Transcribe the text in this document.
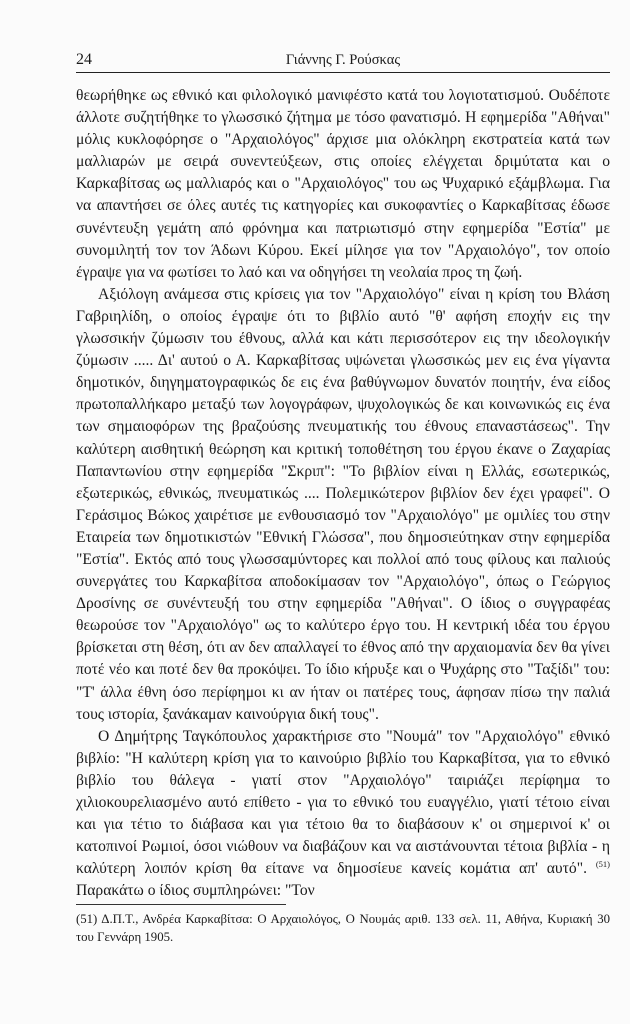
24	Γιάννης Γ. Ρούσκας

θεωρήθηκε ως εθνικό και φιλολογικό μανιφέστο κατά του λογιοτατισμού. Ουδέποτε άλλοτε συζητήθηκε το γλωσσικό ζήτημα με τόσο φανατισμό. Η εφημερίδα "Αθήναι" μόλις κυκλοφόρησε ο "Αρχαιολόγος" άρχισε μια ολόκληρη εκστρατεία κατά των μαλλιαρών με σειρά συνεντεύξεων, στις οποίες ελέγχεται δριμύτατα και ο Καρκαβίτσας ως μαλλιαρός και ο "Αρχαιολόγος" του ως Ψυχαρικό εξάμβλωμα. Για να απαντήσει σε όλες αυτές τις κατηγορίες και συκοφαντίες ο Καρκαβίτσας έδωσε συνέντευξη γεμάτη από φρόνημα και πατριωτισμό στην εφημερίδα "Εστία" με συνομιλητή τον τον Άδωνι Κύρου. Εκεί μίλησε για τον "Αρχαιολόγο", τον οποίο έγραψε για να φωτίσει το λαό και να οδηγήσει τη νεολαία προς τη ζωή.

Αξιόλογη ανάμεσα στις κρίσεις για τον "Αρχαιολόγο" είναι η κρίση του Βλάση Γαβριηλίδη, ο οποίος έγραψε ότι το βιβλίο αυτό "θ' αφήση εποχήν εις την γλωσσικήν ζύμωσιν του έθνους, αλλά και κάτι περισσότερον εις την ιδεολογικήν ζύμωσιν ..... Δι' αυτού ο Α. Καρκαβίτσας υψώνεται γλωσσικώς μεν εις ένα γίγαντα δημοτικόν, διηγηματογραφικώς δε εις ένα βαθύγνωμον δυνατόν ποιητήν, ένα είδος πρωτοπαλλήκαρο μεταξύ των λογογράφων, ψυχολογικώς δε και κοινωνικώς εις ένα των σημαιοφόρων της βραζούσης πνευματικής του έθνους επαναστάσεως". Την καλύτερη αισθητική θεώρηση και κριτική τοποθέτηση του έργου έκανε ο Ζαχαρίας Παπαντωνίου στην εφημερίδα "Σκριπ": "Το βιβλίον είναι η Ελλάς, εσωτερικώς, εξωτερικώς, εθνικώς, πνευματικώς .... Πολεμικώτερον βιβλίον δεν έχει γραφεί". Ο Γεράσιμος Βώκος χαιρέτισε με ενθουσιασμό τον "Αρχαιολόγο" με ομιλίες του στην Εταιρεία των δημοτικιστών "Εθνική Γλώσσα", που δημοσιεύτηκαν στην εφημερίδα "Εστία". Εκτός από τους γλωσσαμύντορες και πολλοί από τους φίλους και παλιούς συνεργάτες του Καρκαβίτσα αποδοκίμασαν τον "Αρχαιολόγο", όπως ο Γεώργιος Δροσίνης σε συνέντευξή του στην εφημερίδα "Αθήναι". Ο ίδιος ο συγγραφέας θεωρούσε τον "Αρχαιολόγο" ως το καλύτερο έργο του. Η κεντρική ιδέα του έργου βρίσκεται στη θέση, ότι αν δεν απαλλαγεί το έθνος από την αρχαιομανία δεν θα γίνει ποτέ νέο και ποτέ δεν θα προκόψει. Το ίδιο κήρυξε και ο Ψυχάρης στο "Ταξίδι" του: "Τ' άλλα έθνη όσο περίφημοι κι αν ήταν οι πατέρες τους, άφησαν πίσω την παλιά τους ιστορία, ξανάκαμαν καινούργια δική τους".

Ο Δημήτρης Ταγκόπουλος χαρακτήρισε στο "Νουμά" τον "Αρχαιολόγο" εθνικό βιβλίο: "Η καλύτερη κρίση για το καινούριο βιβλίο του Καρκαβίτσα, για το εθνικό βιβλίο του θάλεγα - γιατί στον "Αρχαιολόγο" ταιριάζει περίφημα το χιλιοκουρελιασμένο αυτό επίθετο - για το εθνικό του ευαγγέλιο, γιατί τέτοιο είναι και για τέτιο το διάβασα και για τέτοιο θα το διαβάσουν κ' οι σημερινοί κ' οι κατοπινοί Ρωμιοί, όσοι νιώθουν να διαβάζουν και να αιστάνουνται τέτοια βιβλία - η καλύτερη λοιπόν κρίση θα είτανε να δημοσίευε κανείς κομάτια απ' αυτό". $^{(51)}$ Παρακάτω ο ίδιος συμπληρώνει: "Τον

(51) Δ.Π.Τ., Ανδρέα Καρκαβίτσα: Ο Αρχαιολόγος, Ο Νουμάς αριθ. 133 σελ. 11, Αθήνα, Κυριακή 30 του Γεννάρη 1905.
